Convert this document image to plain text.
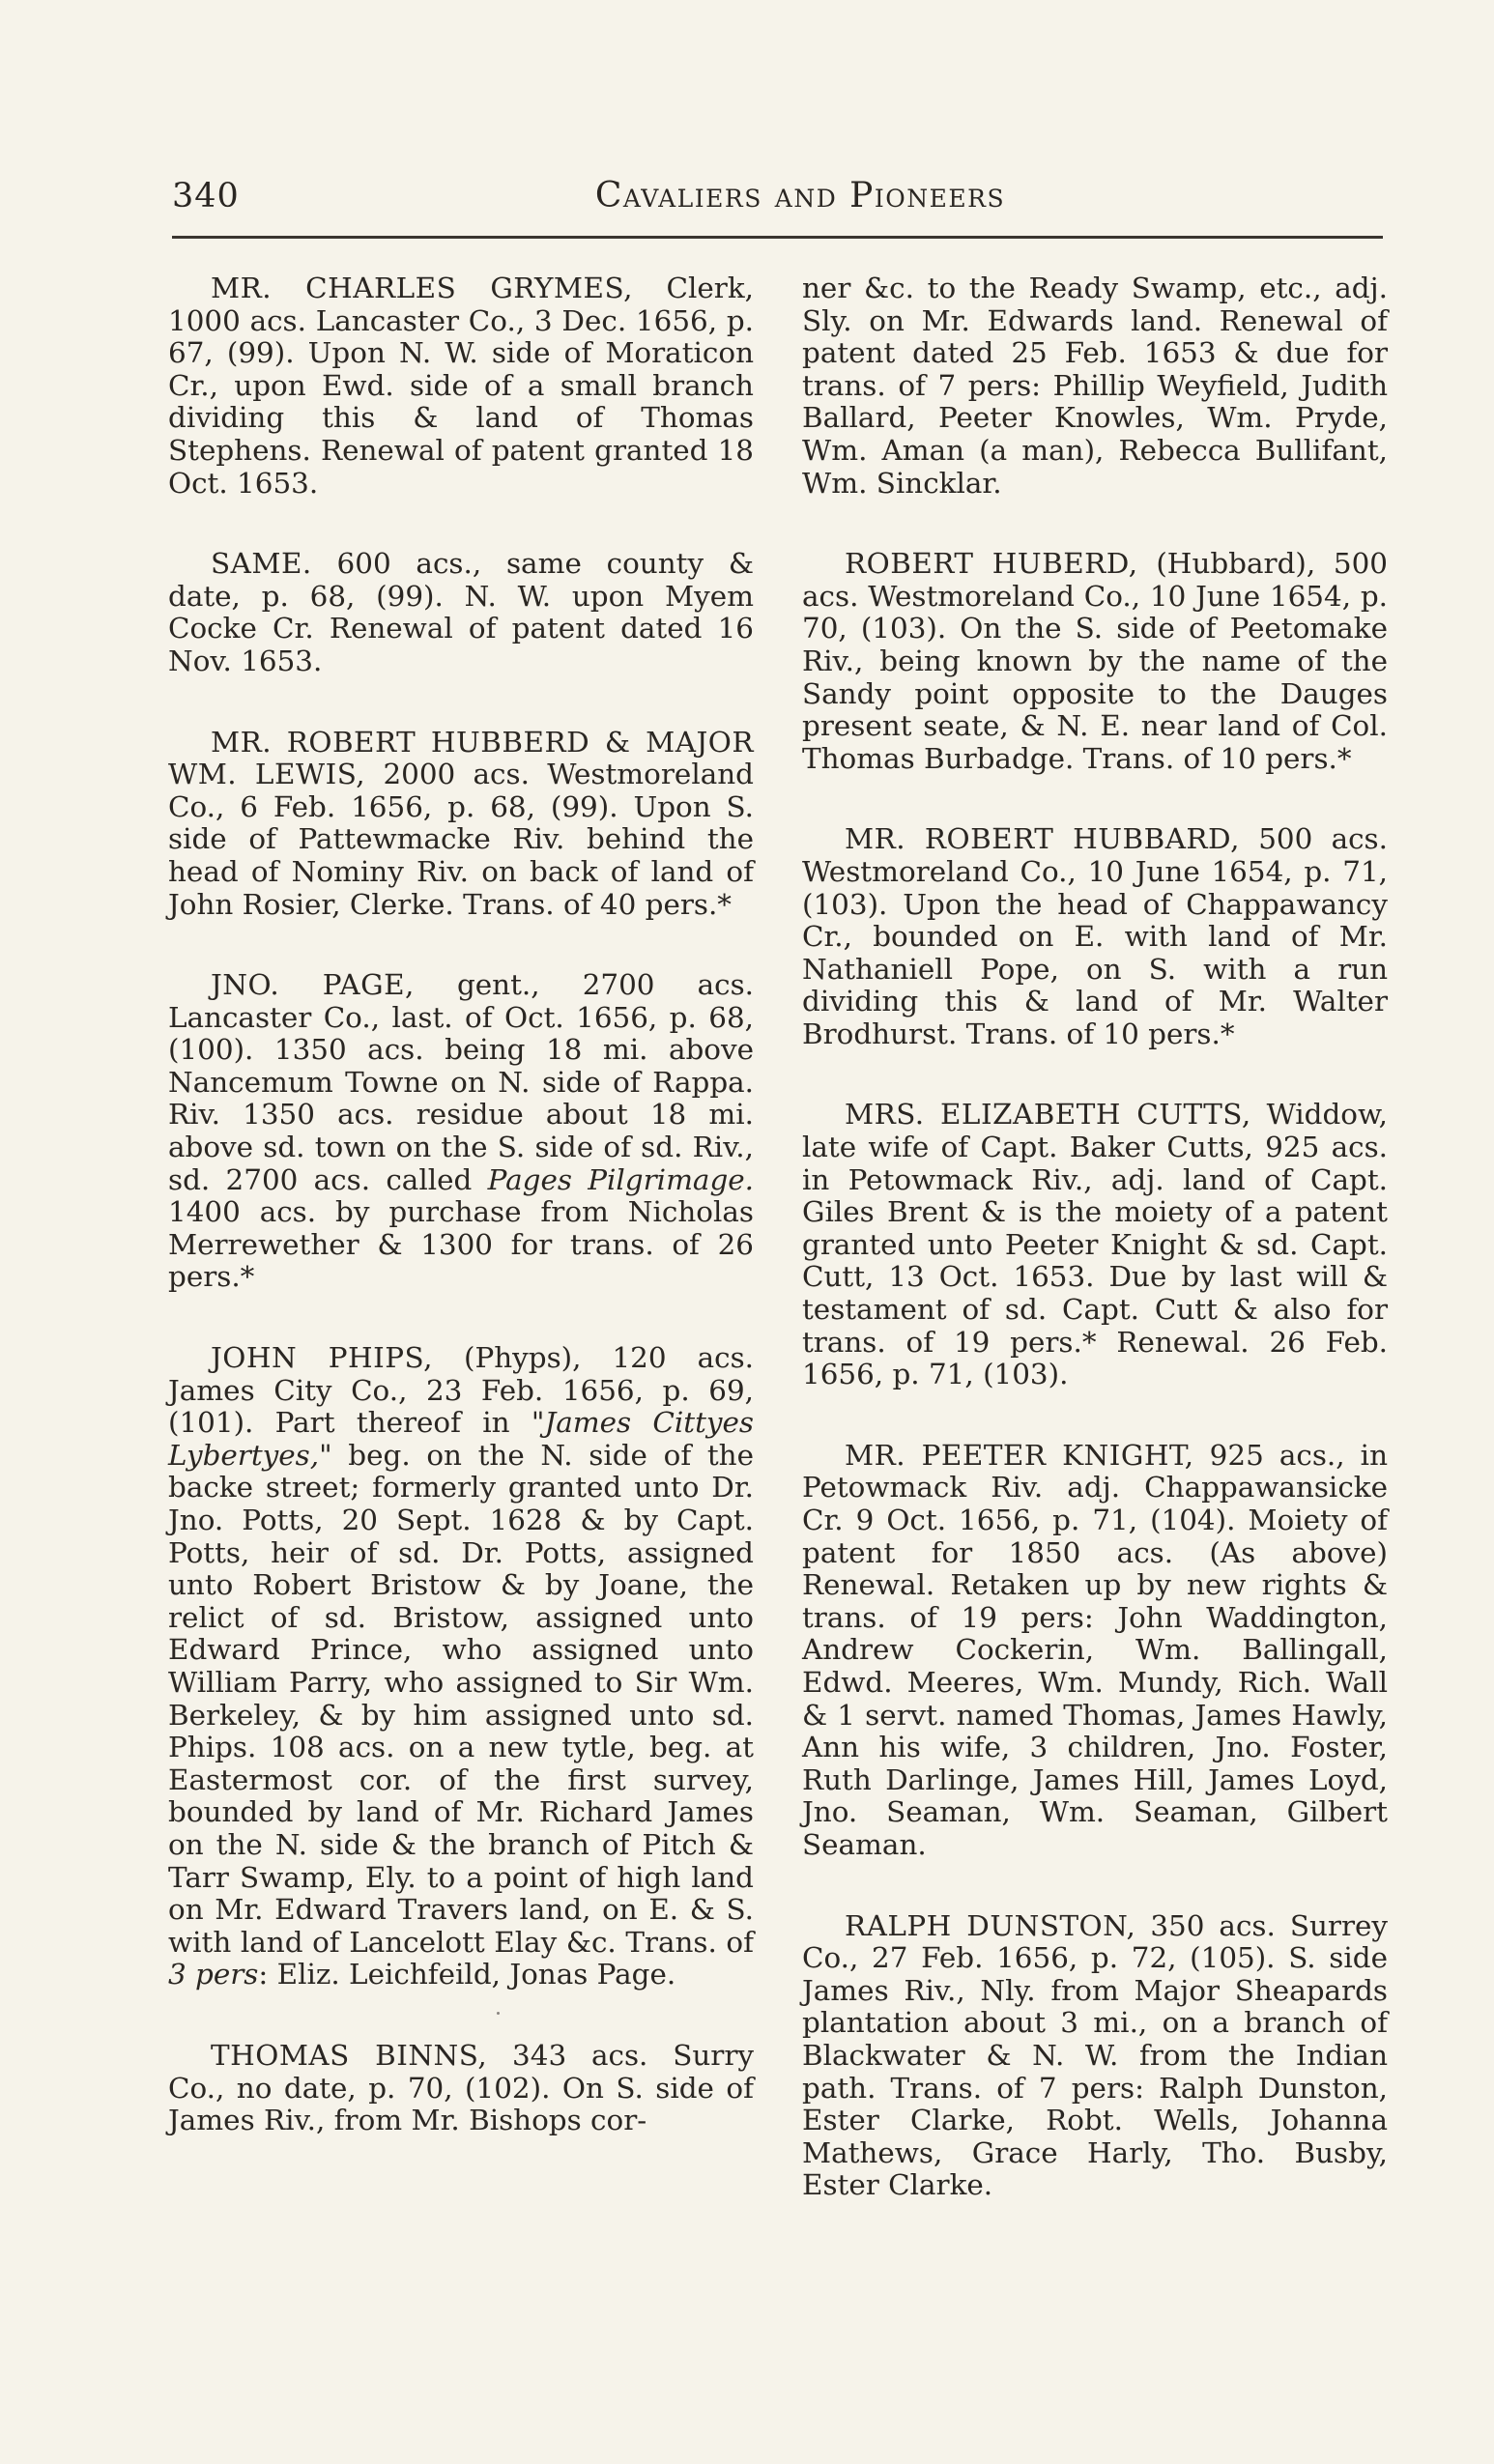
340	Cavaliers and Pioneers

MR. CHARLES GRYMES, Clerk, 1000 acs. Lancaster Co., 3 Dec. 1656, p. 67, (99). Upon N. W. side of Moraticon Cr., upon Ewd. side of a small branch dividing this & land of Thomas Stephens. Renewal of patent granted 18 Oct. 1653.

SAME. 600 acs., same county & date, p. 68, (99). N. W. upon Myem Cocke Cr. Renewal of patent dated 16 Nov. 1653.

MR. ROBERT HUBBERD & MAJOR WM. LEWIS, 2000 acs. Westmoreland Co., 6 Feb. 1656, p. 68, (99). Upon S. side of Pattewmacke Riv. behind the head of Nominy Riv. on back of land of John Rosier, Clerke. Trans. of 40 pers.*

JNO. PAGE, gent., 2700 acs. Lancaster Co., last. of Oct. 1656, p. 68, (100). 1350 acs. being 18 mi. above Nancemum Towne on N. side of Rappa. Riv. 1350 acs. residue about 18 mi. above sd. town on the S. side of sd. Riv., sd. 2700 acs. called Pages Pilgrimage. 1400 acs. by purchase from Nicholas Merrewether & 1300 for trans. of 26 pers.*

JOHN PHIPS, (Phyps), 120 acs. James City Co., 23 Feb. 1656, p. 69, (101). Part thereof in "James Cittyes Lybertyes," beg. on the N. side of the backe street; formerly granted unto Dr. Jno. Potts, 20 Sept. 1628 & by Capt. Potts, heir of sd. Dr. Potts, assigned unto Robert Bristow & by Joane, the relict of sd. Bristow, assigned unto Edward Prince, who assigned unto William Parry, who assigned to Sir Wm. Berkeley, & by him assigned unto sd. Phips. 108 acs. on a new tytle, beg. at Eastermost cor. of the first survey, bounded by land of Mr. Richard James on the N. side & the branch of Pitch & Tarr Swamp, Ely. to a point of high land on Mr. Edward Travers land, on E. & S. with land of Lancelott Elay &c. Trans. of 3 pers: Eliz. Leichfeild, Jonas Page.

THOMAS BINNS, 343 acs. Surry Co., no date, p. 70, (102). On S. side of James Riv., from Mr. Bishops cor-

ner &c. to the Ready Swamp, etc., adj. Sly. on Mr. Edwards land. Renewal of patent dated 25 Feb. 1653 & due for trans. of 7 pers: Phillip Weyfield, Judith Ballard, Peeter Knowles, Wm. Pryde, Wm. Aman (a man), Rebecca Bullifant, Wm. Sincklar.

ROBERT HUBERD, (Hubbard), 500 acs. Westmoreland Co., 10 June 1654, p. 70, (103). On the S. side of Peetomake Riv., being known by the name of the Sandy point opposite to the Dauges present seate, & N. E. near land of Col. Thomas Burbadge. Trans. of 10 pers.*

MR. ROBERT HUBBARD, 500 acs. Westmoreland Co., 10 June 1654, p. 71, (103). Upon the head of Chappawancy Cr., bounded on E. with land of Mr. Nathaniell Pope, on S. with a run dividing this & land of Mr. Walter Brodhurst. Trans. of 10 pers.*

MRS. ELIZABETH CUTTS, Widdow, late wife of Capt. Baker Cutts, 925 acs. in Petowmack Riv., adj. land of Capt. Giles Brent & is the moiety of a patent granted unto Peeter Knight & sd. Capt. Cutt, 13 Oct. 1653. Due by last will & testament of sd. Capt. Cutt & also for trans. of 19 pers.* Renewal. 26 Feb. 1656, p. 71, (103).

MR. PEETER KNIGHT, 925 acs., in Petowmack Riv. adj. Chappawansicke Cr. 9 Oct. 1656, p. 71, (104). Moiety of patent for 1850 acs. (As above) Renewal. Retaken up by new rights & trans. of 19 pers: John Waddington, Andrew Cockerin, Wm. Ballingall, Edwd. Meeres, Wm. Mundy, Rich. Wall & 1 servt. named Thomas, James Hawly, Ann his wife, 3 children, Jno. Foster, Ruth Darlinge, James Hill, James Loyd, Jno. Seaman, Wm. Seaman, Gilbert Seaman.

RALPH DUNSTON, 350 acs. Surrey Co., 27 Feb. 1656, p. 72, (105). S. side James Riv., Nly. from Major Sheapards plantation about 3 mi., on a branch of Blackwater & N. W. from the Indian path. Trans. of 7 pers: Ralph Dunston, Ester Clarke, Robt. Wells, Johanna Mathews, Grace Harly, Tho. Busby, Ester Clarke.
